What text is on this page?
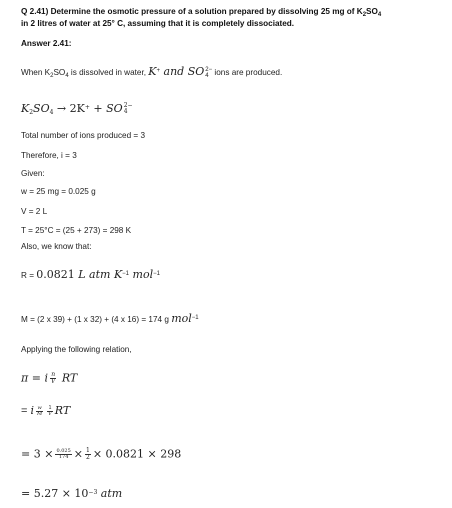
Q 2.41) Determine the osmotic pressure of a solution prepared by dissolving 25 mg of $K_2SO_4$
in 2 litres of water at 25° C, assuming that it is completely dissociated.
Answer 2.41:
When $K_2SO_4$ is dissolved in water, K+ and SO 2−
4 ions are produced.
$K_2SO_4 \to 2K^+$ + SO 2−
4
Total number of ions produced = 3
Therefore, i = 3
Given:
w = 25 mg = 0.025 g
V = 2 L
T = 25°C = (25 + 273) = 298 K
Also, we know that:
R = 0.0821 L atm $K^{-1}$ mol$^{-1}$
M = (2 x 39) + (1 x 32) + (4 x 16) = 174 g mol$^{-1}$
Applying the following relation,
π = i $\frac{n}{V}$ RT
= i $\frac{w}{M} \frac{1}{V}$ RT
= $3 \times \frac{0.025}{174} \times \frac{1}{2} \times 0.0821 \times 298$
= $5.27 \times 10^{-3}$ atm
